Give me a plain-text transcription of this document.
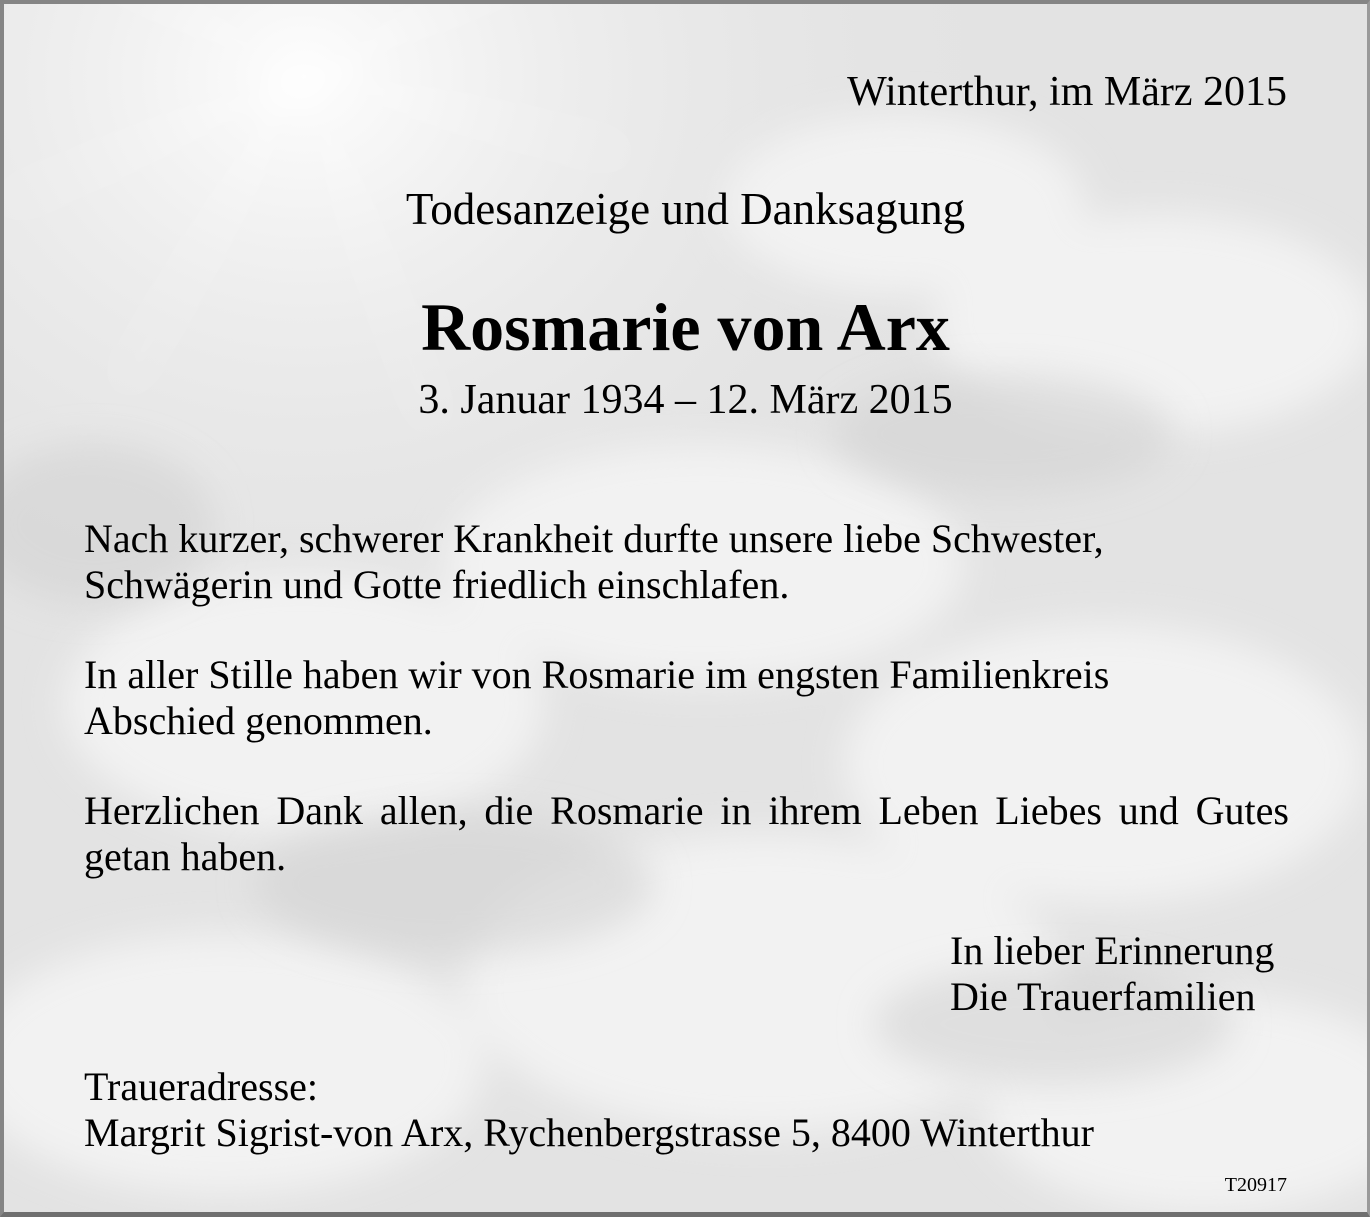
Winterthur, im März 2015
Todesanzeige und Danksagung
Rosmarie von Arx
3. Januar 1934 – 12. März 2015
Nach kurzer, schwerer Krankheit durfte unsere liebe Schwester,
Schwägerin und Gotte friedlich einschlafen.
In aller Stille haben wir von Rosmarie im engsten Familienkreis
Abschied genommen.
Herzlichen Dank allen, die Rosmarie in ihrem Leben Liebes und Gutes
getan haben.
In lieber Erinnerung
Die Trauerfamilien
Traueradresse:
Margrit Sigrist-von Arx, Rychenbergstrasse 5, 8400 Winterthur
T20917
